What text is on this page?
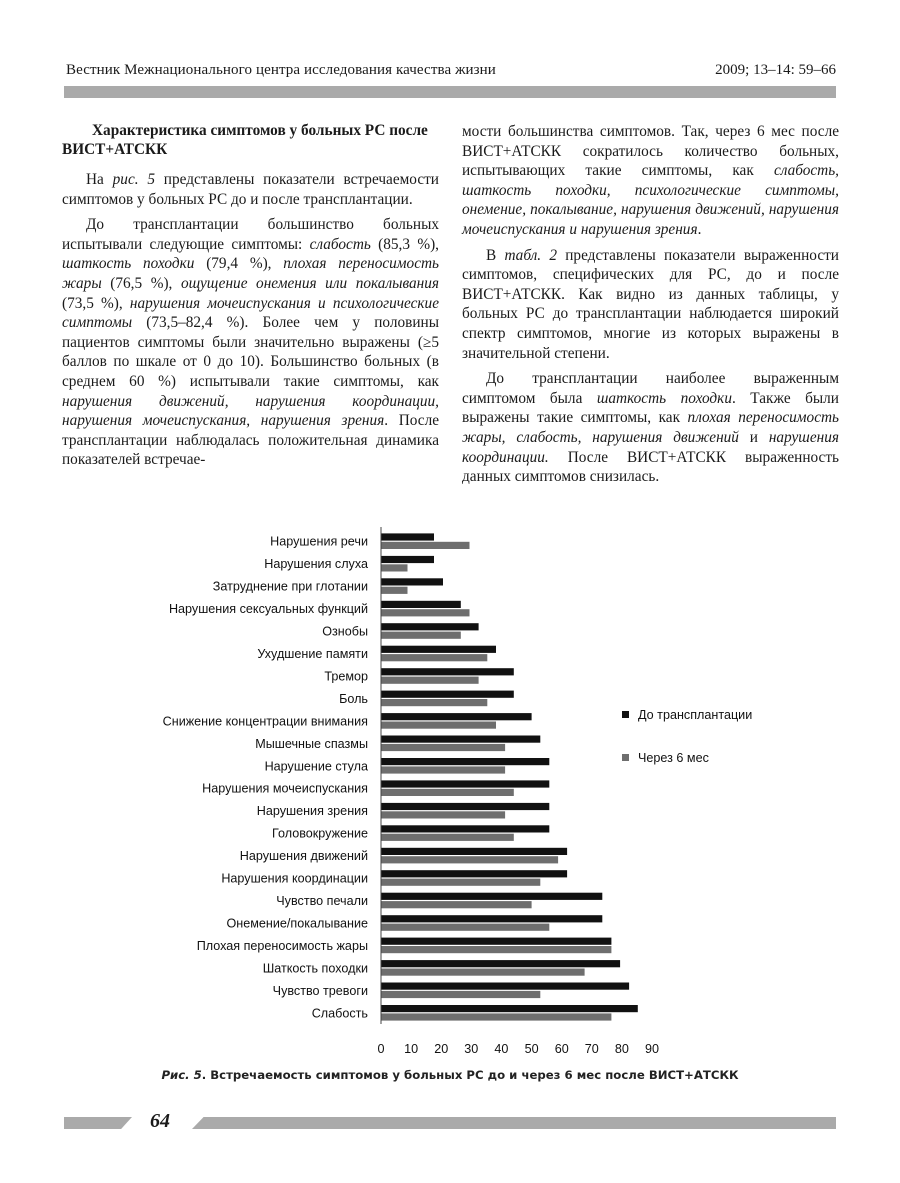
Вестник Межнационального центра исследования качества жизни	2009; 13–14: 59–66
Характеристика симптомов у больных РС после ВИСТ+АТСКК

На рис. 5 представлены показатели встречаемости симптомов у больных РС до и после трансплантации.

До трансплантации большинство больных испытывали следующие симптомы: слабость (85,3 %), шаткость походки (79,4 %), плохая переносимость жары (76,5 %), ощущение онемения или покалывания (73,5 %), нарушения мочеиспускания и психологические симптомы (73,5–82,4 %). Более чем у половины пациентов симптомы были значительно выражены (≥5 баллов по шкале от 0 до 10). Большинство больных (в среднем 60 %) испытывали такие симптомы, как нарушения движений, нарушения координации, нарушения мочеиспускания, нарушения зрения. После трансплантации наблюдалась положительная динамика показателей встречае-

мости большинства симптомов. Так, через 6 мес после ВИСТ+АТСКК сократилось количество больных, испытывающих такие симптомы, как слабость, шаткость походки, психологические симптомы, онемение, покалывание, нарушения движений, нарушения мочеиспускания и нарушения зрения.

В табл. 2 представлены показатели выраженности симптомов, специфических для РС, до и после ВИСТ+АТСКК. Как видно из данных таблицы, у больных РС до трансплантации наблюдается широкий спектр симптомов, многие из которых выражены в значительной степени.

До трансплантации наиболее выраженным симптомом была шаткость походки. Также были выражены такие симптомы, как плохая переносимость жары, слабость, нарушения движений и нарушения координации. После ВИСТ+АТСКК выраженность данных симптомов снизилась.

Нарушения речи
Нарушения слуха
Затруднение при глотании
Нарушения сексуальных функций
Ознобы
Ухудшение памяти
Тремор
Боль
Снижение концентрации внимания
Мышечные спазмы
Нарушение стула
Нарушения мочеиспускания
Нарушения зрения
Головокружение
Нарушения движений
Нарушения координации
Чувство печали
Онемение/покалывание
Плохая переносимость жары
Шаткость походки
Чувство тревоги
Слабость
0 10 20 30 40 50 60 70 80 90
До трансплантации
Через 6 мес
Рис. 5. Встречаемость симптомов у больных РС до и через 6 мес после ВИСТ+АТСКК
64
